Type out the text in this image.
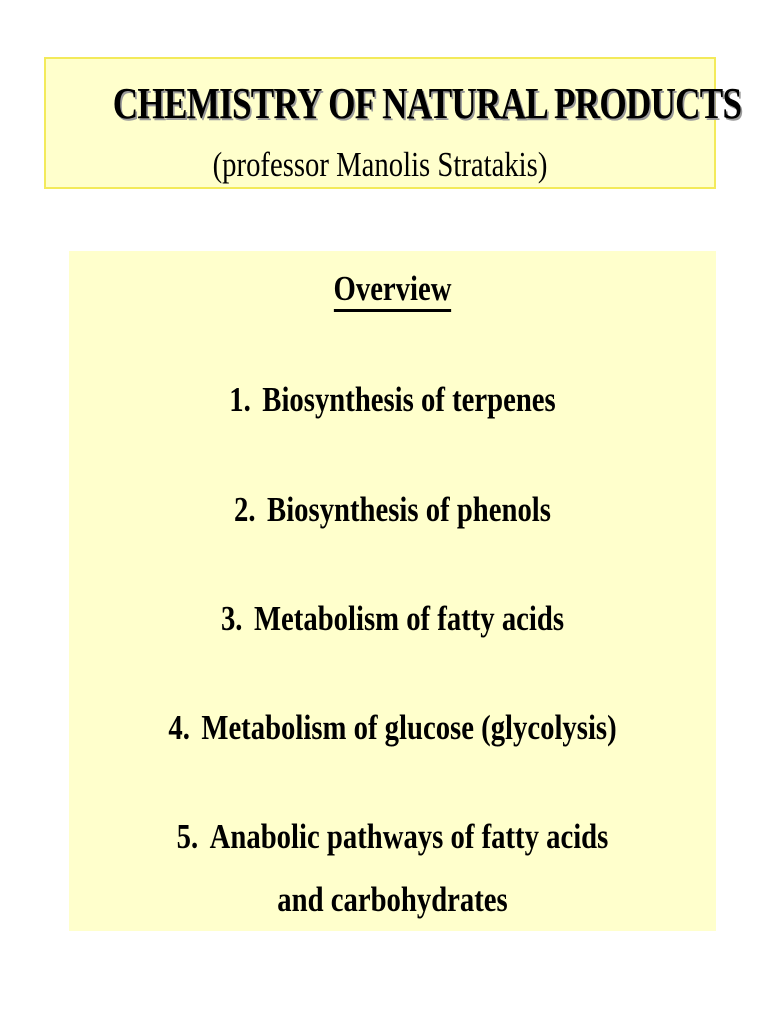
CHEMISTRY OF NATURAL PRODUCTS
(professor Manolis Stratakis)
Overview
1. Biosynthesis of terpenes
2. Biosynthesis of phenols
3. Metabolism of fatty acids
4. Metabolism of glucose (glycolysis)
5. Anabolic pathways of fatty acids
and carbohydrates
